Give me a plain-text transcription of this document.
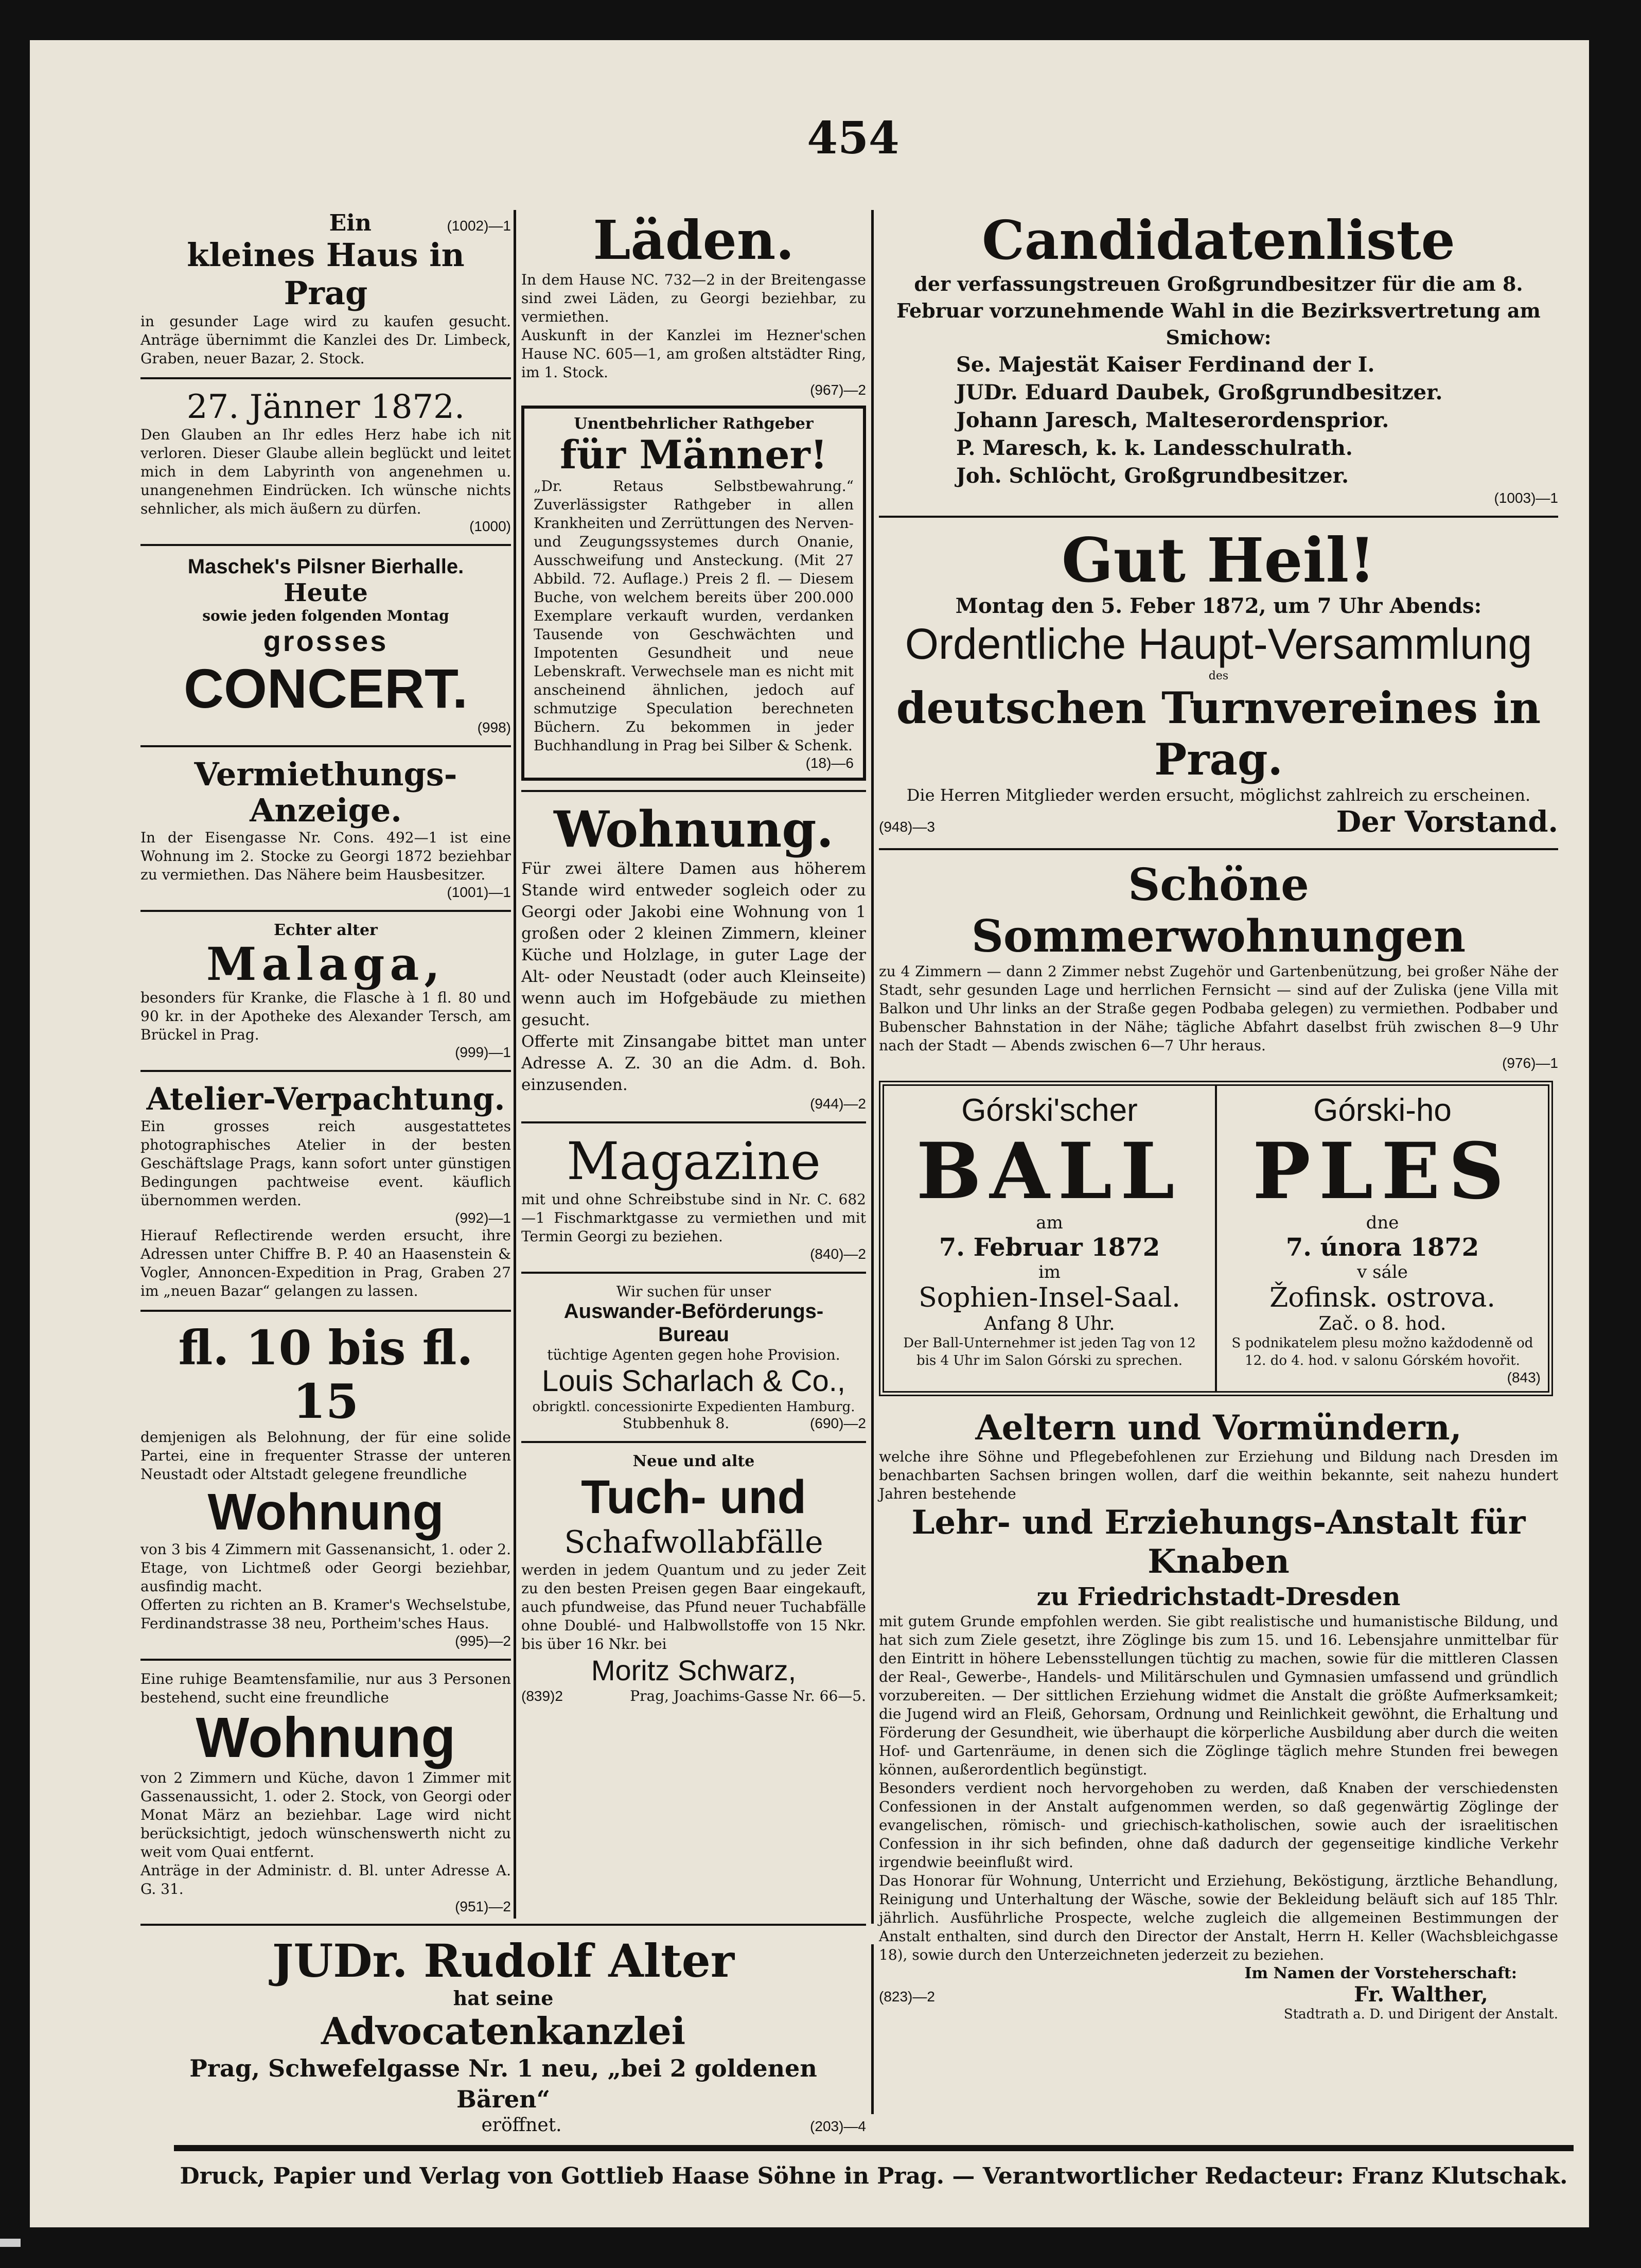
454
Ein	(1002)—1

kleines Haus in Prag

in gesunder Lage wird zu kaufen gesucht. Anträge übernimmt die Kanzlei des Dr. Limbeck, Graben, neuer Bazar, 2. Stock.

27. Jänner 1872.

Den Glauben an Ihr edles Herz habe ich nit verloren. Dieser Glaube allein beglückt und leitet mich in dem Labyrinth von angenehmen u. unangenehmen Eindrücken. Ich wünsche nichts sehnlicher, als mich äußern zu dürfen.

(1000)

Maschek's Pilsner Bierhalle.

Heute

sowie jeden folgenden Montag

grosses

CONCERT.

(998)

Vermiethungs-

Anzeige.

In der Eisengasse Nr. Cons. 492—1 ist eine Wohnung im 2. Stocke zu Georgi 1872 beziehbar zu vermiethen. Das Nähere beim Hausbesitzer.

(1001)—1

Echter alter

Malaga,

besonders für Kranke, die Flasche à 1 fl. 80 und 90 kr. in der Apotheke des Alexander Tersch, am Brückel in Prag.

(999)—1

Atelier-Verpachtung.

Ein grosses reich ausgestattetes photographisches Atelier in der besten Geschäftslage Prags, kann sofort unter günstigen Bedingungen pachtweise event. käuflich übernommen werden.

(992)—1

Hierauf Reflectirende werden ersucht, ihre Adressen unter Chiffre B. P. 40 an Haasenstein & Vogler, Annoncen-Expedition in Prag, Graben 27 im „neuen Bazar“ gelangen zu lassen.

fl. 10 bis fl. 15

demjenigen als Belohnung, der für eine solide Partei, eine in frequenter Strasse der unteren Neustadt oder Altstadt gelegene freundliche

Wohnung

von 3 bis 4 Zimmern mit Gassenansicht, 1. oder 2. Etage, von Lichtmeß oder Georgi beziehbar, ausfindig macht.

Offerten zu richten an B. Kramer's Wechselstube, Ferdinandstrasse 38 neu, Portheim'sches Haus.

(995)—2

Eine ruhige Beamtensfamilie, nur aus 3 Personen bestehend, sucht eine freundliche

Wohnung

von 2 Zimmern und Küche, davon 1 Zimmer mit Gassenaussicht, 1. oder 2. Stock, von Georgi oder Monat März an beziehbar. Lage wird nicht berücksichtigt, jedoch wünschenswerth nicht zu weit vom Quai entfernt.

Anträge in der Administr. d. Bl. unter Adresse A. G. 31.

(951)—2

Läden.

In dem Hause NC. 732—2 in der Breitengasse sind zwei Läden, zu Georgi beziehbar, zu vermiethen.

Auskunft in der Kanzlei im Hezner'schen Hause NC. 605—1, am großen altstädter Ring, im 1. Stock.

(967)—2

Unentbehrlicher Rathgeber

für Männer!

„Dr. Retaus Selbstbewahrung.“ Zuverlässigster Rathgeber in allen Krankheiten und Zerrüttungen des Nerven- und Zeugungssystemes durch Onanie, Ausschweifung und Ansteckung. (Mit 27 Abbild. 72. Auflage.) Preis 2 fl. — Diesem Buche, von welchem bereits über 200.000 Exemplare verkauft wurden, verdanken Tausende von Geschwächten und Impotenten Gesundheit und neue Lebenskraft. Verwechsele man es nicht mit anscheinend ähnlichen, jedoch auf schmutzige Speculation berechneten Büchern. Zu bekommen in jeder Buchhandlung in Prag bei Silber & Schenk.

(18)—6

Wohnung.

Für zwei ältere Damen aus höherem Stande wird entweder sogleich oder zu Georgi oder Jakobi eine Wohnung von 1 großen oder 2 kleinen Zimmern, kleiner Küche und Holzlage, in guter Lage der Alt- oder Neustadt (oder auch Kleinseite) wenn auch im Hofgebäude zu miethen gesucht.

Offerte mit Zinsangabe bittet man unter Adresse A. Z. 30 an die Adm. d. Boh. einzusenden.

(944)—2

Magazine

mit und ohne Schreibstube sind in Nr. C. 682—1 Fischmarktgasse zu vermiethen und mit Termin Georgi zu beziehen.

(840)—2

Wir suchen für unser

Auswander-Beförderungs-

Bureau

tüchtige Agenten gegen hohe Provision.

Louis Scharlach & Co.,

obrigktl. concessionirte Expedienten Hamburg.

Stubbenhuk 8.	(690)—2

Neue und alte

Tuch- und

Schafwollabfälle

werden in jedem Quantum und zu jeder Zeit zu den besten Preisen gegen Baar eingekauft, auch pfundweise, das Pfund neuer Tuchabfälle ohne Doublé- und Halbwollstoffe von 15 Nkr. bis über 16 Nkr. bei

Moritz Schwarz,

(839)2	Prag, Joachims-Gasse Nr. 66—5.

JUDr. Rudolf Alter

hat seine

Advocatenkanzlei

Prag, Schwefelgasse Nr. 1 neu, „bei 2 goldenen Bären“

eröffnet.	(203)—4

Candidatenliste

der verfassungstreuen Großgrundbesitzer für die am 8. Februar vorzunehmende Wahl in die Bezirksvertretung am Smichow:

Se. Majestät Kaiser Ferdinand der I.

JUDr. Eduard Daubek, Großgrundbesitzer.

Johann Jaresch, Malteserordensprior.

P. Maresch, k. k. Landesschulrath.

Joh. Schlöcht, Großgrundbesitzer.

(1003)—1

Gut Heil!

Montag den 5. Feber 1872, um 7 Uhr Abends:

Ordentliche Haupt-Versammlung

des

deutschen Turnvereines in Prag.

Die Herren Mitglieder werden ersucht, möglichst zahlreich zu erscheinen.

(948)—3	Der Vorstand.

Schöne Sommerwohnungen

zu 4 Zimmern — dann 2 Zimmer nebst Zugehör und Gartenbenützung, bei großer Nähe der Stadt, sehr gesunden Lage und herrlichen Fernsicht — sind auf der Zuliska (jene Villa mit Balkon und Uhr links an der Straße gegen Podbaba gelegen) zu vermiethen. Podbaber und Bubenscher Bahnstation in der Nähe; tägliche Abfahrt daselbst früh zwischen 8—9 Uhr nach der Stadt — Abends zwischen 6—7 Uhr heraus.

(976)—1

Górski'scher

BALL

am

7. Februar 1872

im

Sophien-Insel-Saal.

Anfang 8 Uhr.

Der Ball-Unternehmer ist jeden Tag von 12 bis 4 Uhr im Salon Górski zu sprechen.

Górski-ho

PLES

dne

7. února 1872

v sále

Žofinsk. ostrova.

Zač. o 8. hod.

S podnikatelem plesu možno každodenně od 12. do 4. hod. v salonu Górském hovořit.

(843)

Aeltern und Vormündern,

welche ihre Söhne und Pflegebefohlenen zur Erziehung und Bildung nach Dresden im benachbarten Sachsen bringen wollen, darf die weithin bekannte, seit nahezu hundert Jahren bestehende

Lehr- und Erziehungs-Anstalt für Knaben

zu Friedrichstadt-Dresden

mit gutem Grunde empfohlen werden. Sie gibt realistische und humanistische Bildung, und hat sich zum Ziele gesetzt, ihre Zöglinge bis zum 15. und 16. Lebensjahre unmittelbar für den Eintritt in höhere Lebensstellungen tüchtig zu machen, sowie für die mittleren Classen der Real-, Gewerbe-, Handels- und Militärschulen und Gymnasien umfassend und gründlich vorzubereiten. — Der sittlichen Erziehung widmet die Anstalt die größte Aufmerksamkeit; die Jugend wird an Fleiß, Gehorsam, Ordnung und Reinlichkeit gewöhnt, die Erhaltung und Förderung der Gesundheit, wie überhaupt die körperliche Ausbildung aber durch die weiten Hof- und Gartenräume, in denen sich die Zöglinge täglich mehre Stunden frei bewegen können, außerordentlich begünstigt.

Besonders verdient noch hervorgehoben zu werden, daß Knaben der verschiedensten Confessionen in der Anstalt aufgenommen werden, so daß gegenwärtig Zöglinge der evangelischen, römisch- und griechisch-katholischen, sowie auch der israelitischen Confession in ihr sich befinden, ohne daß dadurch der gegenseitige kindliche Verkehr irgendwie beeinflußt wird.

Das Honorar für Wohnung, Unterricht und Erziehung, Beköstigung, ärztliche Behandlung, Reinigung und Unterhaltung der Wäsche, sowie der Bekleidung beläuft sich auf 185 Thlr. jährlich. Ausführliche Prospecte, welche zugleich die allgemeinen Bestimmungen der Anstalt enthalten, sind durch den Director der Anstalt, Herrn H. Keller (Wachsbleichgasse 18), sowie durch den Unterzeichneten jederzeit zu beziehen.

Im Namen der Vorsteherschaft:

(823)—2	Fr. Walther,

Stadtrath a. D. und Dirigent der Anstalt.

Druck, Papier und Verlag von Gottlieb Haase Söhne in Prag. — Verantwortlicher Redacteur: Franz Klutschak.
